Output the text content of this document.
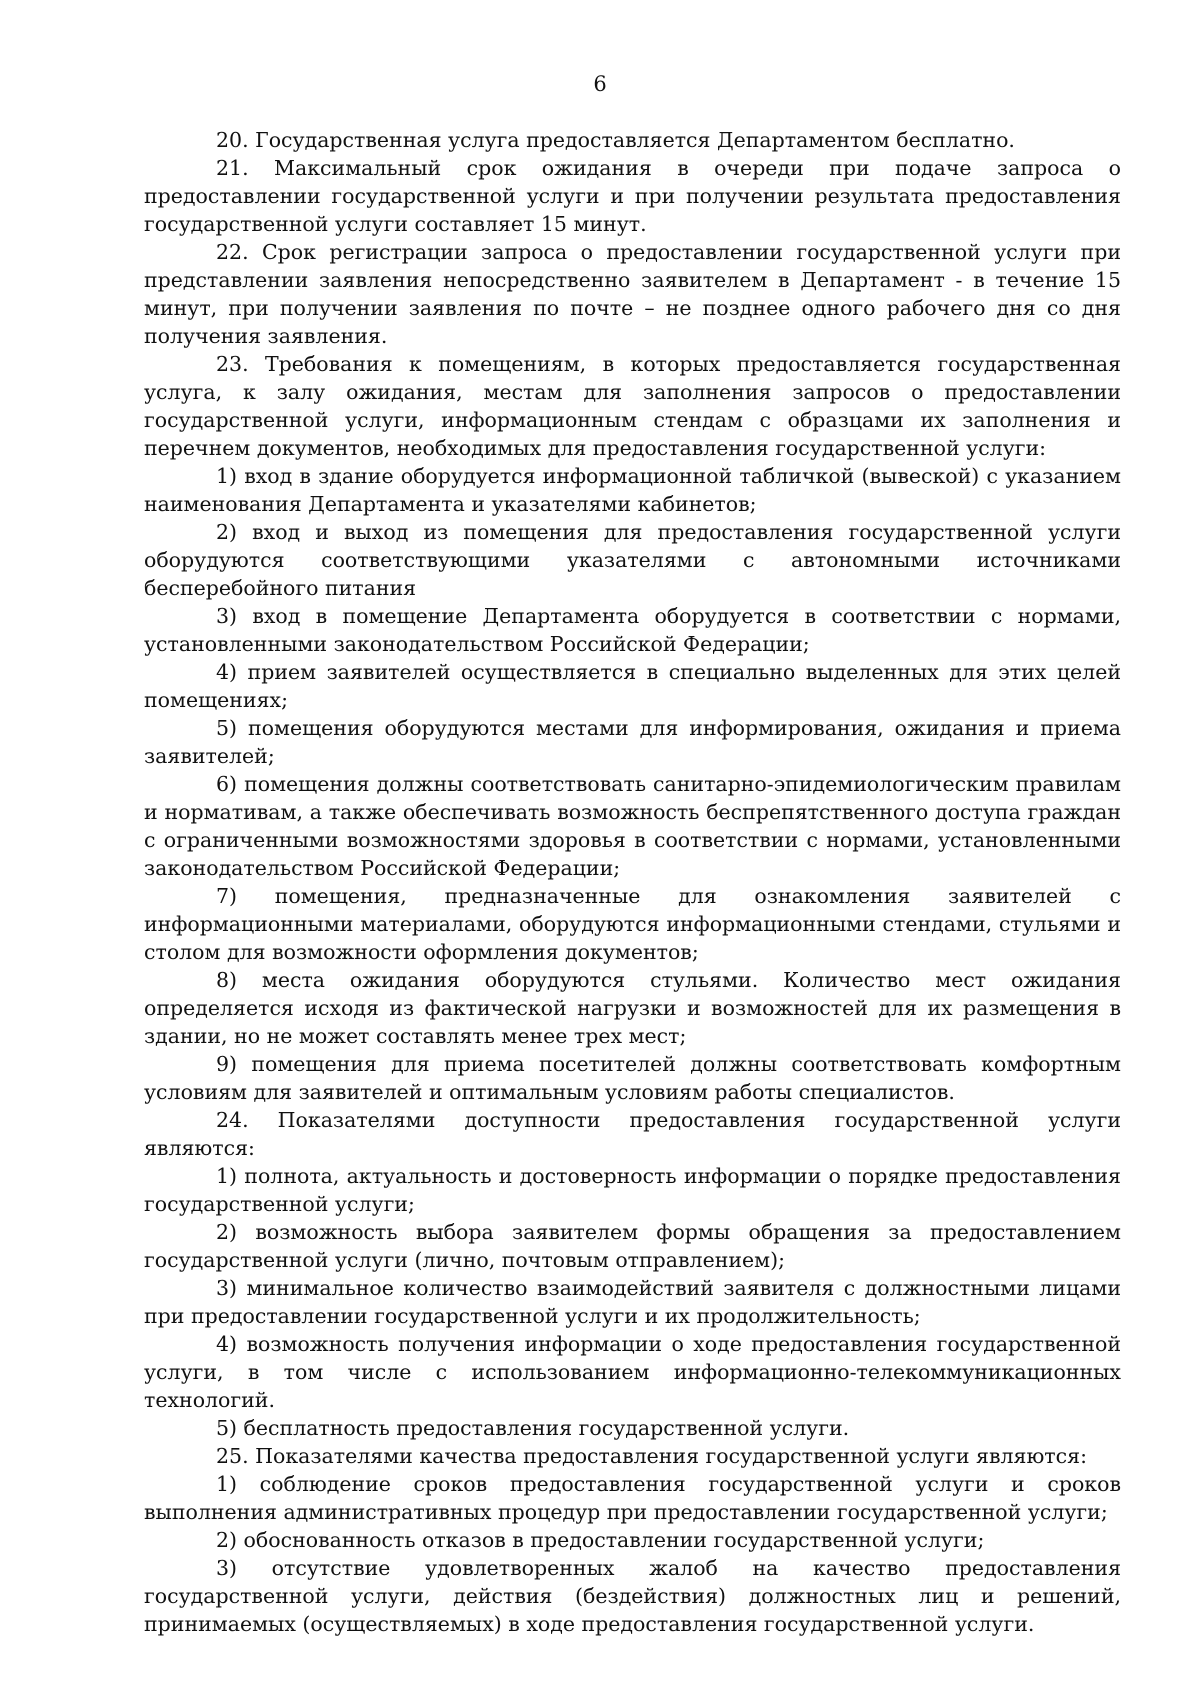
6

20. Государственная услуга предоставляется Департаментом бесплатно.

21. Максимальный срок ожидания в очереди при подаче запроса о предоставлении государственной услуги и при получении результата предоставления государственной услуги составляет 15 минут.

22. Срок регистрации запроса о предоставлении государственной услуги при представлении заявления непосредственно заявителем в Департамент - в течение 15 минут, при получении заявления по почте – не позднее одного рабочего дня со дня получения заявления.

23. Требования к помещениям, в которых предоставляется государственная услуга, к залу ожидания, местам для заполнения запросов о предоставлении государственной услуги, информационным стендам с образцами их заполнения и перечнем документов, необходимых для предоставления государственной услуги:

1) вход в здание оборудуется информационной табличкой (вывеской) с указанием наименования Департамента и указателями кабинетов;

2) вход и выход из помещения для предоставления государственной услуги оборудуются соответствующими указателями с автономными источниками бесперебойного питания

3) вход в помещение Департамента оборудуется в соответствии с нормами, установленными законодательством Российской Федерации;

4) прием заявителей осуществляется в специально выделенных для этих целей помещениях;

5) помещения оборудуются местами для информирования, ожидания и приема заявителей;

6) помещения должны соответствовать санитарно-эпидемиологическим правилам и нормативам, а также обеспечивать возможность беспрепятственного доступа граждан с ограниченными возможностями здоровья в соответствии с нормами, установленными законодательством Российской Федерации;

7) помещения, предназначенные для ознакомления заявителей с информационными материалами, оборудуются информационными стендами, стульями и столом для возможности оформления документов;

8) места ожидания оборудуются стульями. Количество мест ожидания определяется исходя из фактической нагрузки и возможностей для их размещения в здании, но не может составлять менее трех мест;

9) помещения для приема посетителей должны соответствовать комфортным условиям для заявителей и оптимальным условиям работы специалистов.

24. Показателями доступности предоставления государственной услуги являются:

1) полнота, актуальность и достоверность информации о порядке предоставления государственной услуги;

2) возможность выбора заявителем формы обращения за предоставлением государственной услуги (лично, почтовым отправлением);

3) минимальное количество взаимодействий заявителя с должностными лицами при предоставлении государственной услуги и их продолжительность;

4) возможность получения информации о ходе предоставления государственной услуги, в том числе с использованием информационно-телекоммуникационных технологий.

5) бесплатность предоставления государственной услуги.

25. Показателями качества предоставления государственной услуги являются:

1) соблюдение сроков предоставления государственной услуги и сроков выполнения административных процедур при предоставлении государственной услуги;

2) обоснованность отказов в предоставлении государственной услуги;

3) отсутствие удовлетворенных жалоб на качество предоставления государственной услуги, действия (бездействия) должностных лиц и решений, принимаемых (осуществляемых) в ходе предоставления государственной услуги.
